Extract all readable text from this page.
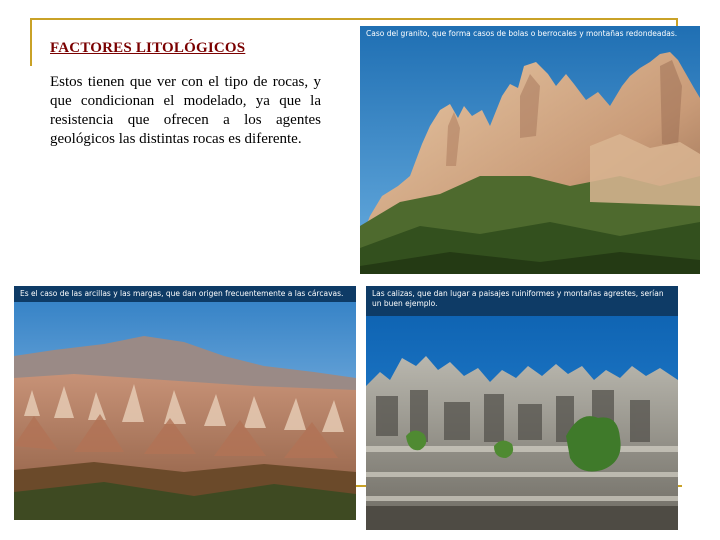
FACTORES LITOLÓGICOS
Estos tienen que ver con el tipo de rocas, y que condicionan el modelado, ya que la resistencia que ofrecen a los agentes geológicos las distintas rocas es diferente.
Caso del granito, que forma casos de bolas o berrocales y montañas redondeadas.
Es el caso de las arcillas y las margas, que dan origen frecuentemente a las cárcavas.	Las calizas, que dan lugar a paisajes ruiniformes y montañas agrestes, serían un buen ejemplo.
